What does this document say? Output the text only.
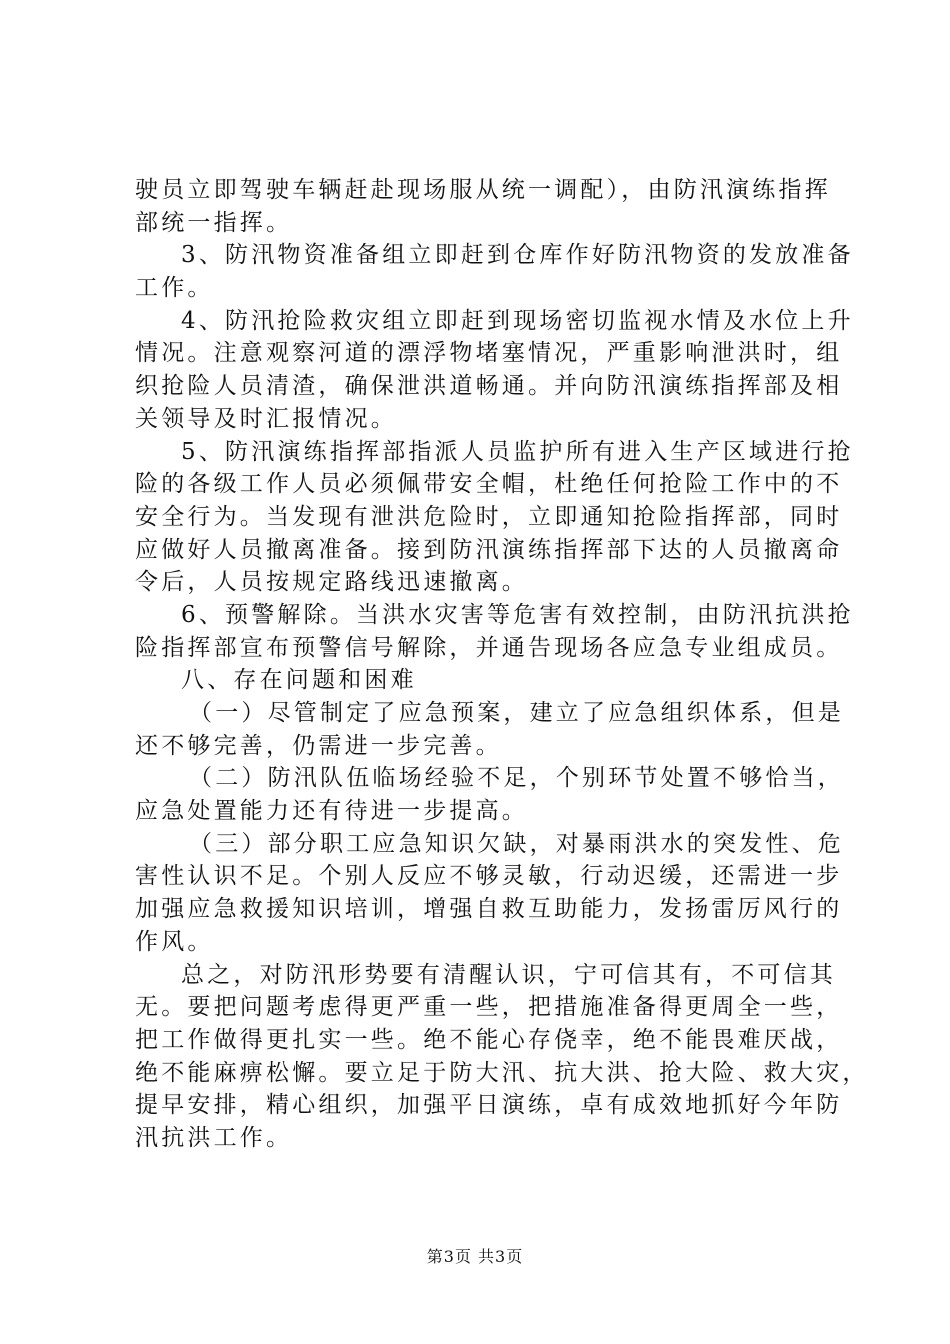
驶员立即驾驶车辆赶赴现场服从统一调配），由防汛演练指挥
部统一指挥。
3、防汛物资准备组立即赶到仓库作好防汛物资的发放准备
工作。
4、防汛抢险救灾组立即赶到现场密切监视水情及水位上升
情况。注意观察河道的漂浮物堵塞情况，严重影响泄洪时，组
织抢险人员清渣，确保泄洪道畅通。并向防汛演练指挥部及相
关领导及时汇报情况。
5、防汛演练指挥部指派人员监护所有进入生产区域进行抢
险的各级工作人员必须佩带安全帽，杜绝任何抢险工作中的不
安全行为。当发现有泄洪危险时，立即通知抢险指挥部，同时
应做好人员撤离准备。接到防汛演练指挥部下达的人员撤离命
令后，人员按规定路线迅速撤离。
6、预警解除。当洪水灾害等危害有效控制，由防汛抗洪抢
险指挥部宣布预警信号解除，并通告现场各应急专业组成员。
八、存在问题和困难
（一）尽管制定了应急预案，建立了应急组织体系，但是
还不够完善，仍需进一步完善。
（二）防汛队伍临场经验不足，个别环节处置不够恰当，
应急处置能力还有待进一步提高。
（三）部分职工应急知识欠缺，对暴雨洪水的突发性、危
害性认识不足。个别人反应不够灵敏，行动迟缓，还需进一步
加强应急救援知识培训，增强自救互助能力，发扬雷厉风行的
作风。
总之，对防汛形势要有清醒认识，宁可信其有，不可信其
无。要把问题考虑得更严重一些，把措施准备得更周全一些，
把工作做得更扎实一些。绝不能心存侥幸，绝不能畏难厌战，
绝不能麻痹松懈。要立足于防大汛、抗大洪、抢大险、救大灾，
提早安排，精心组织，加强平日演练，卓有成效地抓好今年防
汛抗洪工作。
第3页 共3页
